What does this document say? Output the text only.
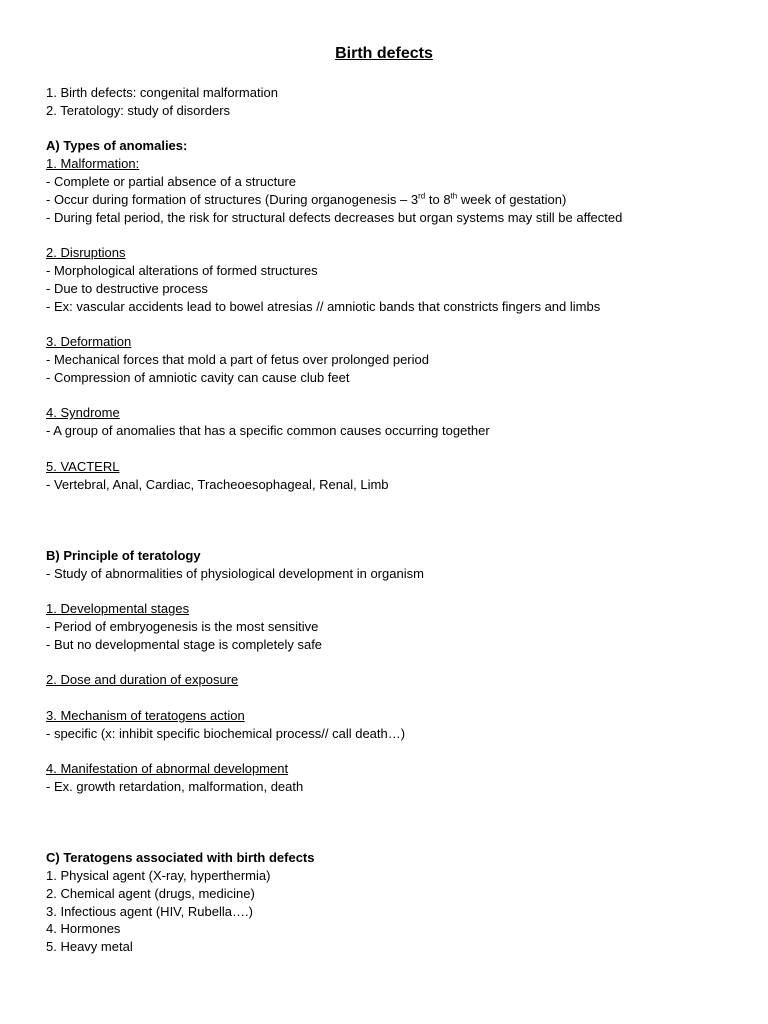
Birth defects
1. Birth defects: congenital malformation
2. Teratology: study of disorders
A) Types of anomalies:
1. Malformation:
- Complete or partial absence of a structure
- Occur during formation of structures (During organogenesis – 3rd to 8th week of gestation)
- During fetal period, the risk for structural defects decreases but organ systems may still be affected
2. Disruptions
- Morphological alterations of formed structures
- Due to destructive process
- Ex: vascular accidents lead to bowel atresias // amniotic bands that constricts fingers and limbs
3. Deformation
- Mechanical forces that mold a part of fetus over prolonged period
- Compression of amniotic cavity can cause club feet
4. Syndrome
- A group of anomalies that has a specific common causes occurring together
5. VACTERL
- Vertebral, Anal, Cardiac, Tracheoesophageal, Renal, Limb
B) Principle of teratology
- Study of abnormalities of physiological development in organism
1. Developmental stages
- Period of embryogenesis is the most sensitive
- But no developmental stage is completely safe
2. Dose and duration of exposure
3. Mechanism of teratogens action
- specific (x: inhibit specific biochemical process// call death…)
4. Manifestation of abnormal development
- Ex. growth retardation, malformation, death
C) Teratogens associated with birth defects
1. Physical agent (X-ray, hyperthermia)
2. Chemical agent (drugs, medicine)
3. Infectious agent (HIV, Rubella….)
4. Hormones
5. Heavy metal
